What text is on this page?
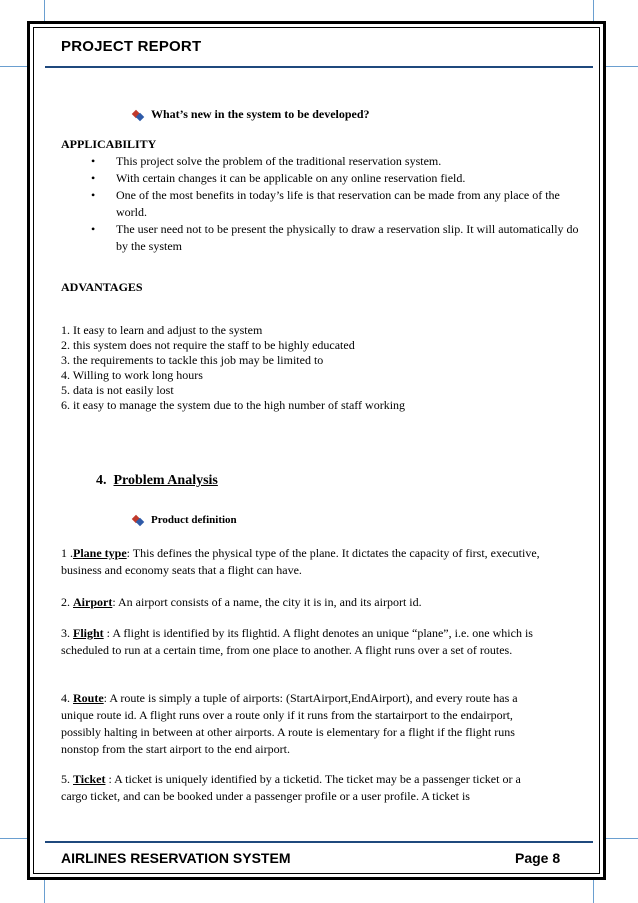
PROJECT REPORT
What’s new in the system to be developed?
APPLICABILITY
• This project solve the problem of the traditional reservation system.
• With certain changes it can be applicable on any online reservation field.
• One of the most benefits in today’s life is that reservation can be made from any place of the world.
• The user need not to be present the physically to draw a reservation slip. It will automatically do by the system
ADVANTAGES
1. It easy to learn and adjust to the system
2. this system does not require the staff to be highly educated
3. the requirements to tackle this job may be limited to
4. Willing to work long hours
5. data is not easily lost
6. it easy to manage the system due to the high number of staff working
4. Problem Analysis
Product definition
1 .Plane type: This defines the physical type of the plane. It dictates the capacity of first, executive, business and economy seats that a flight can have.
2. Airport: An airport consists of a name, the city it is in, and its airport id.
3. Flight : A flight is identified by its flightid. A flight denotes an unique “plane”, i.e. one which is scheduled to run at a certain time, from one place to another. A flight runs over a set of routes.
4. Route: A route is simply a tuple of airports: (StartAirport,EndAirport), and every route has a unique route id. A flight runs over a route only if it runs from the startairport to the endairport, possibly halting in between at other airports. A route is elementary for a flight if the flight runs nonstop from the start airport to the end airport.
5. Ticket : A ticket is uniquely identified by a ticketid. The ticket may be a passenger ticket or a cargo ticket, and can be booked under a passenger profile or a user profile. A ticket is
AIRLINES RESERVATION SYSTEM	Page 8
